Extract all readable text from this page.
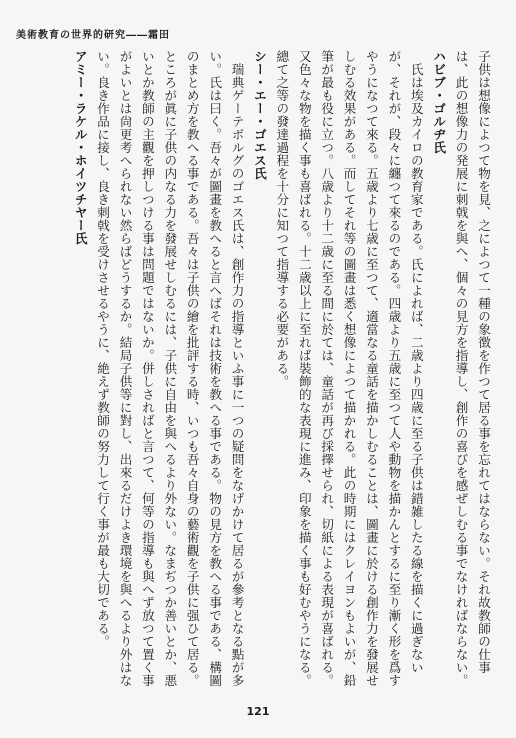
美術教育の世界的研究――霜田

子供は想像によつて物を見、之によつて一種の象徴を作つて居る事を忘れてはならない。それ故教師の仕事は、此の想像力の発展に刺戟を與へ、個々の見方を指導し、創作の喜びを感ぜしむる事でなければならない。

ハビブ・ゴルヂ氏

氏は埃及カイロの教育家である。氏によれば、二歳より四歳に至る子供は錯雑したる線を描くに過ぎないが、それが、段々に纏つて來るのである。四歳より五歳に至つて人や動物を描かんとするに至り漸く形を爲すやうになつて來る。五歳より七歳に至つて、適當なる童話を描かしむることは、圖畫に於ける創作力を發展せしむる效果がある。而してそれ等の圖畫は悉く想像によつて描かれる。此の時期にはクレイヨンもよいが、鉛筆が最も役に立つ。八歳より十二歳に至る間に於ては、童話が再び採擇せられ、切紙による表現が喜ばれる。又色々な物を描く事も喜ばれる。十二歳以上に至れば裝飾的な表現に進み、印象を描く事も好むやうになる。總て之等の發達過程を十分に知つて指導する必要がある。

シー・エー・ゴエス氏

瑞典ゲーテボルグのゴエス氏は、創作力の指導といふ事に一つの疑問をなげかけて居るが參考となる點が多い。氏は曰く。吾々が圖畫を教へると言へばそれは技術を教へる事である。物の見方を教へる事である、構圖のまとめ方を教へる事である。吾々は子供の繪を批評する時、いつも吾々自身の藝術觀を子供に强ひて居る。ところが眞に子供の内なる力を發展せしむるには、子供に自由を與へるより外ない。なまぢつか善いとか、悪いとか教師の主觀を押しつける事は問題ではないか。併しさればと言つて、何等の指導も與へず放つて置く事がよいとは尙更考へられない然らばどうするか。結局子供等に對し、出來るだけよき環境を與へるより外はない。良き作品に接し、良き刺戟を受けさせるやうに、絶えず教師の努力して行く事が最も大切である。

アミー・ラケル・ホイツチヤー氏
121
